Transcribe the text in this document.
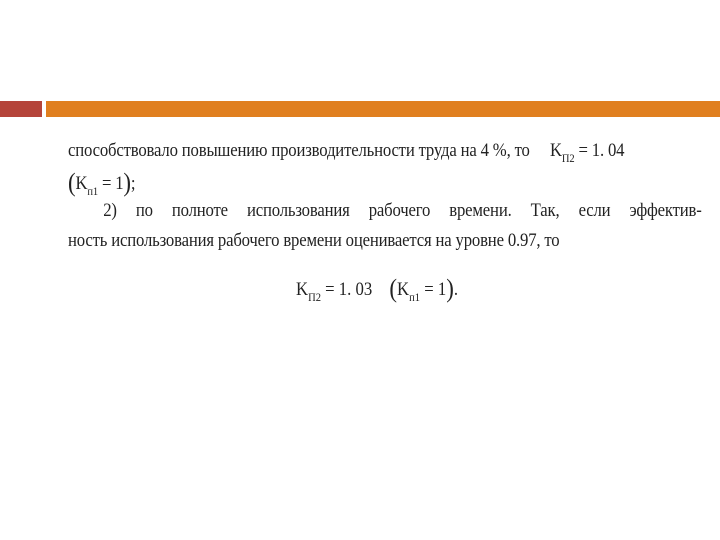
способствовало повышению производительности труда на 4 %, то $K_{П2} = 1$. 04
$(K_{п1} = 1)$;
2) по полноте использования рабочего времени. Так, если эффектив-
ность использования рабочего времени оценивается на уровне 0.97, то
$K_{П2} = 1$. 03 $(K_{п1} = 1)$.
